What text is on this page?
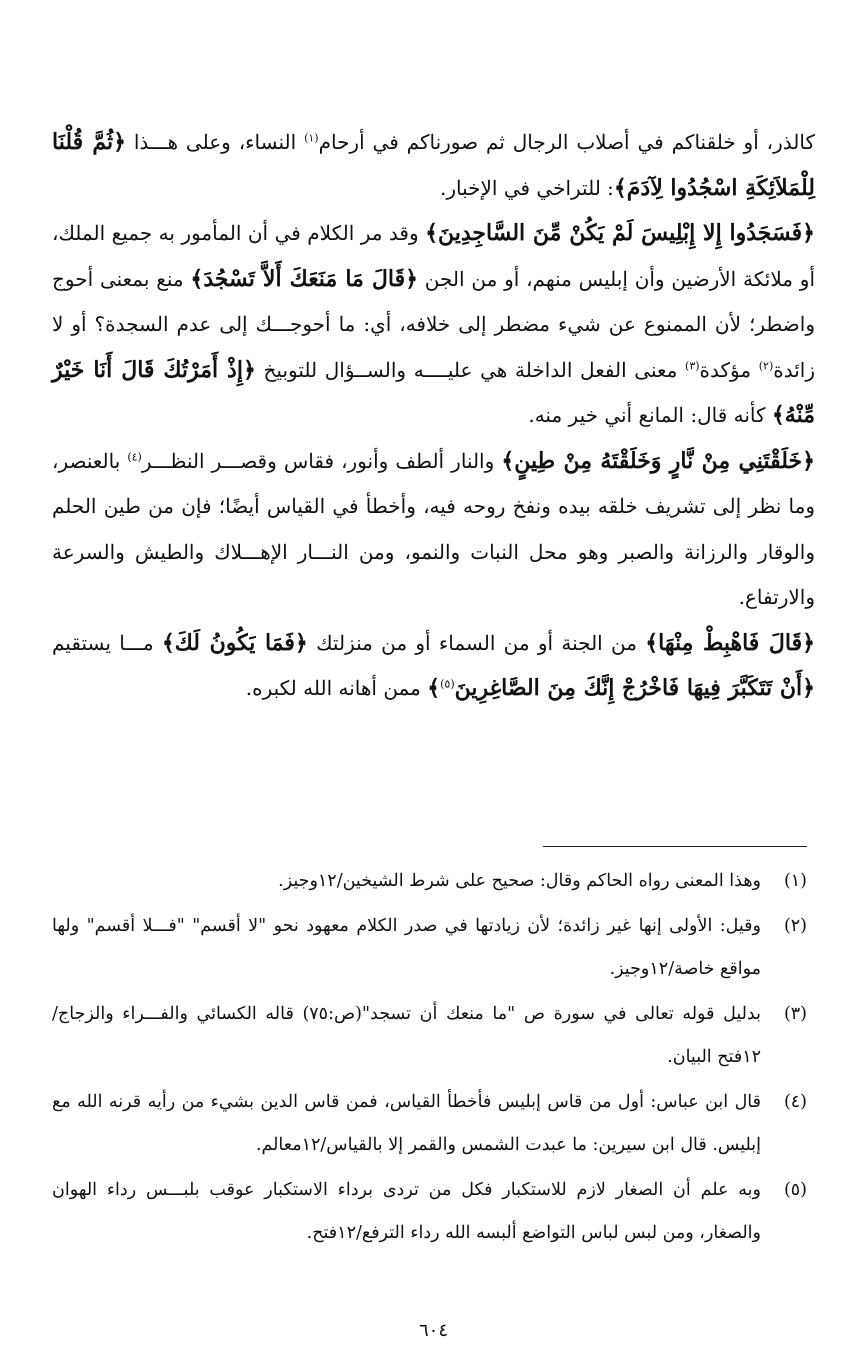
كالذر، أو خلقناكم في أصلاب الرجال ثم صورناكم في أرحام$^{(١)}$ النساء، وعلى هـــذا ﴿ثُمَّ قُلْنَا لِلْمَلاَئِكَةِ اسْجُدُوا لِآدَمَ﴾: للتراخي في الإخبار.

﴿فَسَجَدُوا إِلا إِبْلِيسَ لَمْ يَكُنْ مِّنَ السَّاجِدِينَ﴾ وقد مر الكلام في أن المأمور به جميع الملك، أو ملائكة الأرضين وأن إبليس منهم، أو من الجن ﴿قَالَ مَا مَنَعَكَ أَلاَّ تَسْجُدَ﴾ منع بمعنى أحوج واضطر؛ لأن الممنوع عن شيء مضطر إلى خلافه، أي: ما أحوجـــك إلى عدم السجدة؟ أو لا زائدة$^{(٢)}$ مؤكدة$^{(٣)}$ معنى الفعل الداخلة هي عليــــه والســؤال للتوبيخ ﴿إِذْ أَمَرْتُكَ قَالَ أَنَا خَيْرٌ مِّنْهُ﴾ كأنه قال: المانع أني خير منه.

﴿خَلَقْتَنِي مِنْ نَّارٍ وَخَلَقْتَهُ مِنْ طِينٍ﴾ والنار ألطف وأنور، فقاس وقصـــر النظـــر$^{(٤)}$ بالعنصر، وما نظر إلى تشريف خلقه بيده ونفخ روحه فيه، وأخطأ في القياس أيضًا؛ فإن من طين الحلم والوقار والرزانة والصبر وهو محل النبات والنمو، ومن النـــار الإهـــلاك والطيش والسرعة والارتفاع.

﴿قَالَ فَاهْبِطْ مِنْهَا﴾ من الجنة أو من السماء أو من منزلتك ﴿فَمَا يَكُونُ لَكَ﴾ مـــا يستقيم ﴿أَنْ تَتَكَبَّرَ فِيهَا فَاخْرُجْ إِنَّكَ مِنَ الصَّاغِرِينَ$^{(٥)}$﴾ ممن أهانه الله لكبره.

(١)
وهذا المعنى رواه الحاكم وقال: صحيح على شرط الشيخين/١٢وجيز.
(٢)
وقيل: الأولى إنها غير زائدة؛ لأن زيادتها في صدر الكلام معهود نحو "لا أقسم" "فـــلا أقسم" ولها مواقع خاصة/١٢وجيز.
(٣)
بدليل قوله تعالى في سورة ص "ما منعك أن تسجد"(ص:٧٥) قاله الكسائي والفـــراء والزجاج/١٢فتح البيان.
(٤)
قال ابن عباس: أول من قاس إبليس فأخطأ القياس، فمن قاس الدين بشيء من رأيه قرنه الله مع إبليس. قال ابن سيرين: ما عبدت الشمس والقمر إلا بالقياس/١٢معالم.
(٥)
وبه علم أن الصغار لازم للاستكبار فكل من تردى برداء الاستكبار عوقب بلبـــس رداء الهوان والصغار، ومن لبس لباس التواضع ألبسه الله رداء الترفع/١٢فتح.
٦٠٤
